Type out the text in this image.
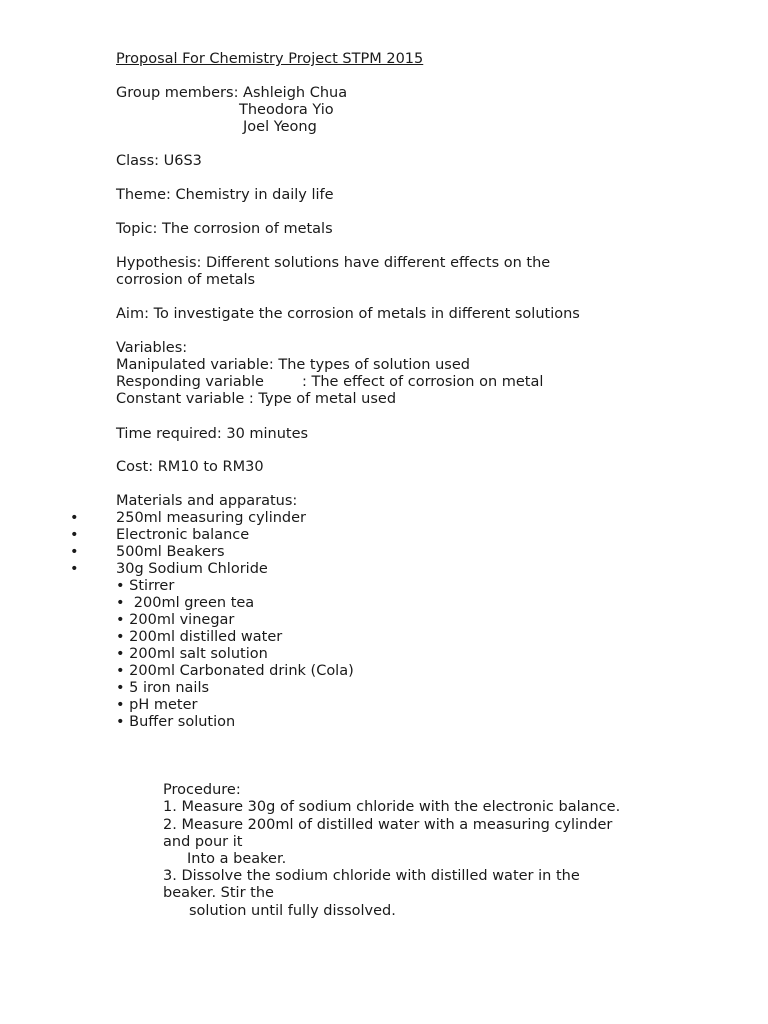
Proposal For Chemistry Project STPM 2015
Group members: Ashleigh Chua
Theodora Yio
Joel Yeong
Class: U6S3
Theme: Chemistry in daily life
Topic: The corrosion of metals
Hypothesis: Different solutions have different effects on the
corrosion of metals
Aim: To investigate the corrosion of metals in different solutions
Variables:
Manipulated variable: The types of solution used
Responding variable	: The effect of corrosion on metal
Constant variable : Type of metal used
Time required: 30 minutes
Cost: RM10 to RM30
Materials and apparatus:
•	250ml measuring cylinder
•	Electronic balance
•	500ml Beakers
•	30g Sodium Chloride
• Stirrer
•  200ml green tea
• 200ml vinegar
• 200ml distilled water
• 200ml salt solution
• 200ml Carbonated drink (Cola)
• 5 iron nails
• pH meter
• Buffer solution
Procedure:
1. Measure 30g of sodium chloride with the electronic balance.
2. Measure 200ml of distilled water with a measuring cylinder
and pour it
Into a beaker.
3. Dissolve the sodium chloride with distilled water in the
beaker. Stir the
solution until fully dissolved.
